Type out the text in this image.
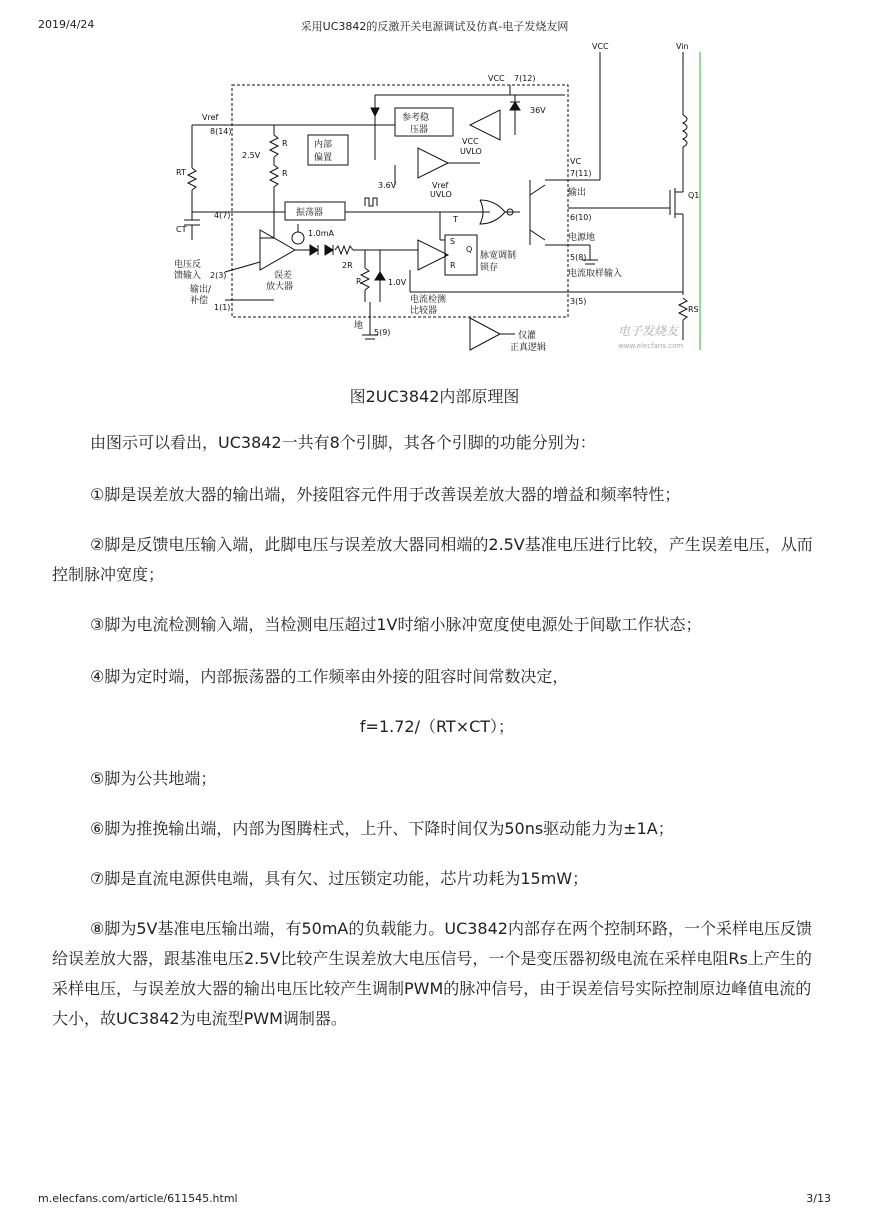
2019/4/24	采用UC3842的反激开关电源调试及仿真-电子发烧友网
VCC	Vin
VCC 7(12)
36V
Vref
8(14)
参考稳
压器
VCC
UVLO
内部
偏置
R
R
2.5V
RT
3.6V	Vref
UVLO
VC
7(11)
输出	Q1
CT
4(7)	振荡器	6(10)
T
S
R
Q
电源地
5(8)
1.0mA
2R
电压反
馈输入 2(3)	误差
放大器
R	1.0V
脉宽调制
锁存
电流取样输入
输出/
补偿
1(1)
电流检测
比较器
3(5)
RS
地
5(9)	仅灌
正真逻辑
电子发烧友
www.elecfans.com
图2UC3842内部原理图

由图示可以看出，UC3842一共有8个引脚，其各个引脚的功能分别为：

①脚是误差放大器的输出端，外接阻容元件用于改善误差放大器的增益和频率特性；

②脚是反馈电压输入端，此脚电压与误差放大器同相端的2.5V基准电压进行比较，产生误差电压，从而控制脉冲宽度；

③脚为电流检测输入端，当检测电压超过1V时缩小脉冲宽度使电源处于间歇工作状态；

④脚为定时端，内部振荡器的工作频率由外接的阻容时间常数决定，

f=1.72/（RT×CT）；

⑤脚为公共地端；

⑥脚为推挽输出端，内部为图腾柱式，上升、下降时间仅为50ns驱动能力为±1A；

⑦脚是直流电源供电端，具有欠、过压锁定功能，芯片功耗为15mW；

⑧脚为5V基准电压输出端，有50mA的负载能力。UC3842内部存在两个控制环路，一个采样电压反馈给误差放大器，跟基准电压2.5V比较产生误差放大电压信号，一个是变压器初级电流在采样电阻Rs上产生的采样电压，与误差放大器的输出电压比较产生调制PWM的脉冲信号，由于误差信号实际控制原边峰值电流的大小，故UC3842为电流型PWM调制器。

m.elecfans.com/article/611545.html	3/13
